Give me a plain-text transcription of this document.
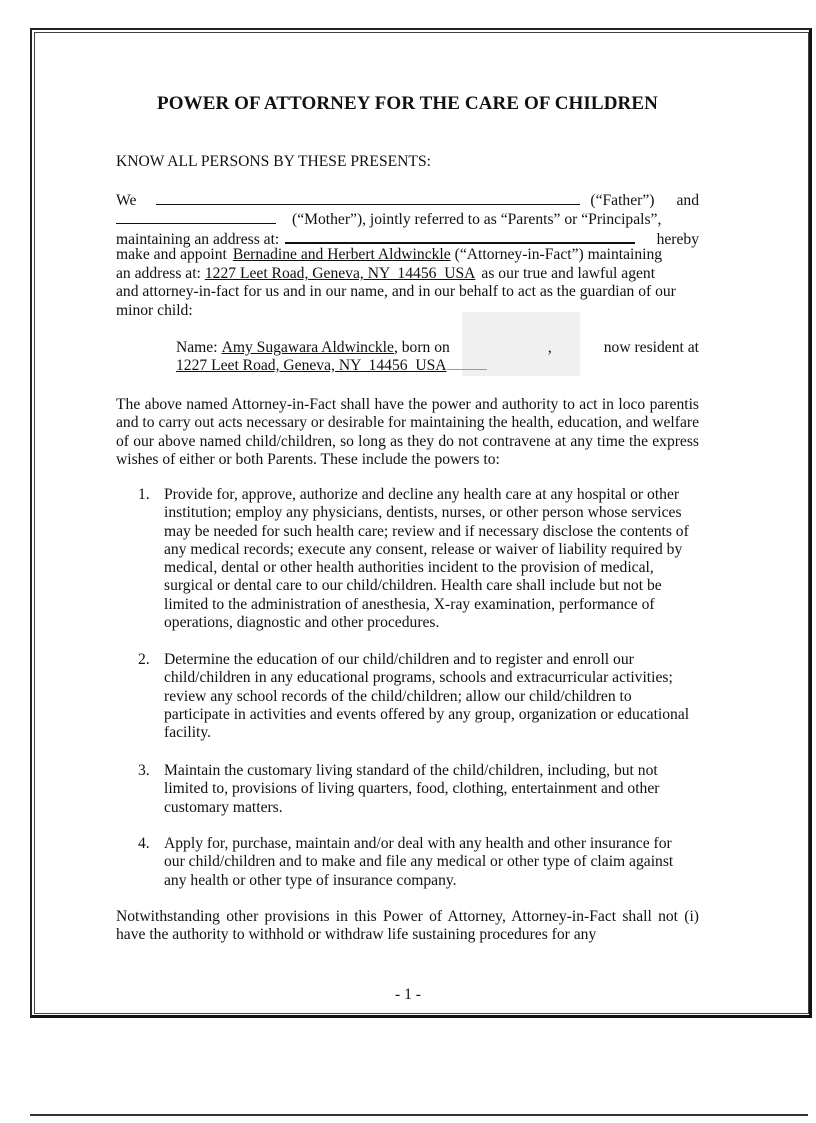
POWER OF ATTORNEY FOR THE CARE OF CHILDREN
KNOW ALL PERSONS BY THESE PRESENTS:
We	(“Father”) and
(“Mother”), jointly referred to as “Parents” or “Principals”,
maintaining an address at:	hereby
make and appoint Bernadine and Herbert Aldwinckle (“Attorney-in-Fact”) maintaining
an address at: 1227 Leet Road, Geneva, NY  14456  USA as our true and lawful agent
and attorney-in-fact for us and in our name, and in our behalf to act as the guardian of our
minor child:
Name: Amy Sugawara Aldwinckle , born on	,	now resident at
1227 Leet Road, Geneva, NY  14456  USA
The above named Attorney-in-Fact shall have the power and authority to act in loco parentis and to carry out acts necessary or desirable for maintaining the health, education, and welfare of our above named child/children, so long as they do not contravene at any time the express wishes of either or both Parents. These include the powers to:
1. Provide for, approve, authorize and decline any health care at any hospital or other institution; employ any physicians, dentists, nurses, or other person whose services may be needed for such health care; review and if necessary disclose the contents of any medical records; execute any consent, release or waiver of liability required by medical, dental or other health authorities incident to the provision of medical, surgical or dental care to our child/children. Health care shall include but not be limited to the administration of anesthesia, X-ray examination, performance of operations, diagnostic and other procedures.
2. Determine the education of our child/children and to register and enroll our child/children in any educational programs, schools and extracurricular activities; review any school records of the child/children; allow our child/children to participate in activities and events offered by any group, organization or educational facility.
3. Maintain the customary living standard of the child/children, including, but not limited to, provisions of living quarters, food, clothing, entertainment and other customary matters.
4. Apply for, purchase, maintain and/or deal with any health and other insurance for our child/children and to make and file any medical or other type of claim against any health or other type of insurance company.
Notwithstanding other provisions in this Power of Attorney, Attorney-in-Fact shall not (i) have the authority to withhold or withdraw life sustaining procedures for any
- 1 -
